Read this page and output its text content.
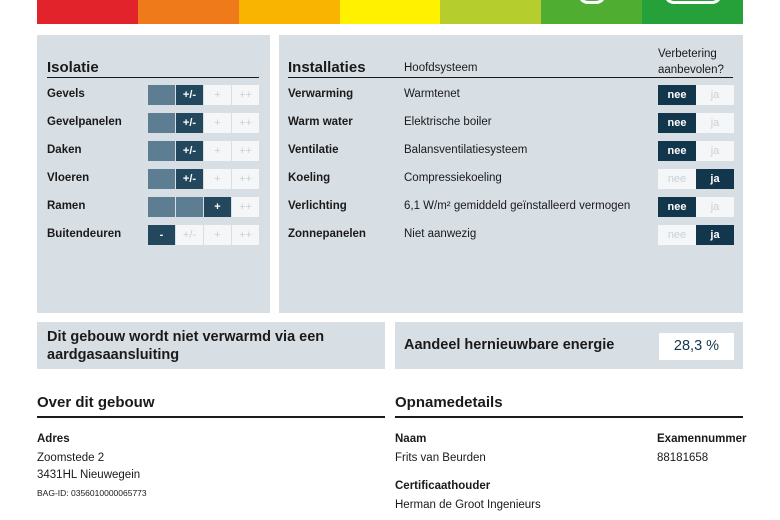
Isolatie
Gevels	+/-	+	++
Gevelpanelen	+/-	+	++
Daken	+/-	+	++
Vloeren	+/-	+	++
Ramen	+	++
Buitendeuren	-	+/-	+	++
Installaties	Hoofdsysteem
Verbetering
aanbevolen?
Verwarming	Warmtenet	nee	ja
Warm water	Elektrische boiler	nee	ja
Ventilatie	Balansventilatiesysteem	nee	ja
Koeling	Compressiekoeling	nee	ja
Verlichting	6,1 W/m² gemiddeld geïnstalleerd vermogen	nee	ja
Zonnepanelen	Niet aanwezig	nee	ja
Dit gebouw wordt niet verwarmd via een aardgasaansluiting
Aandeel hernieuwbare energie	28,3 %
Over dit gebouw
Adres
Zoomstede 2
3431HL Nieuwegein
BAG-ID: 0356010000065773
Opnamedetails
Naam
Frits van Beurden
Examennummer
88181658
Certificaathouder
Herman de Groot Ingenieurs
